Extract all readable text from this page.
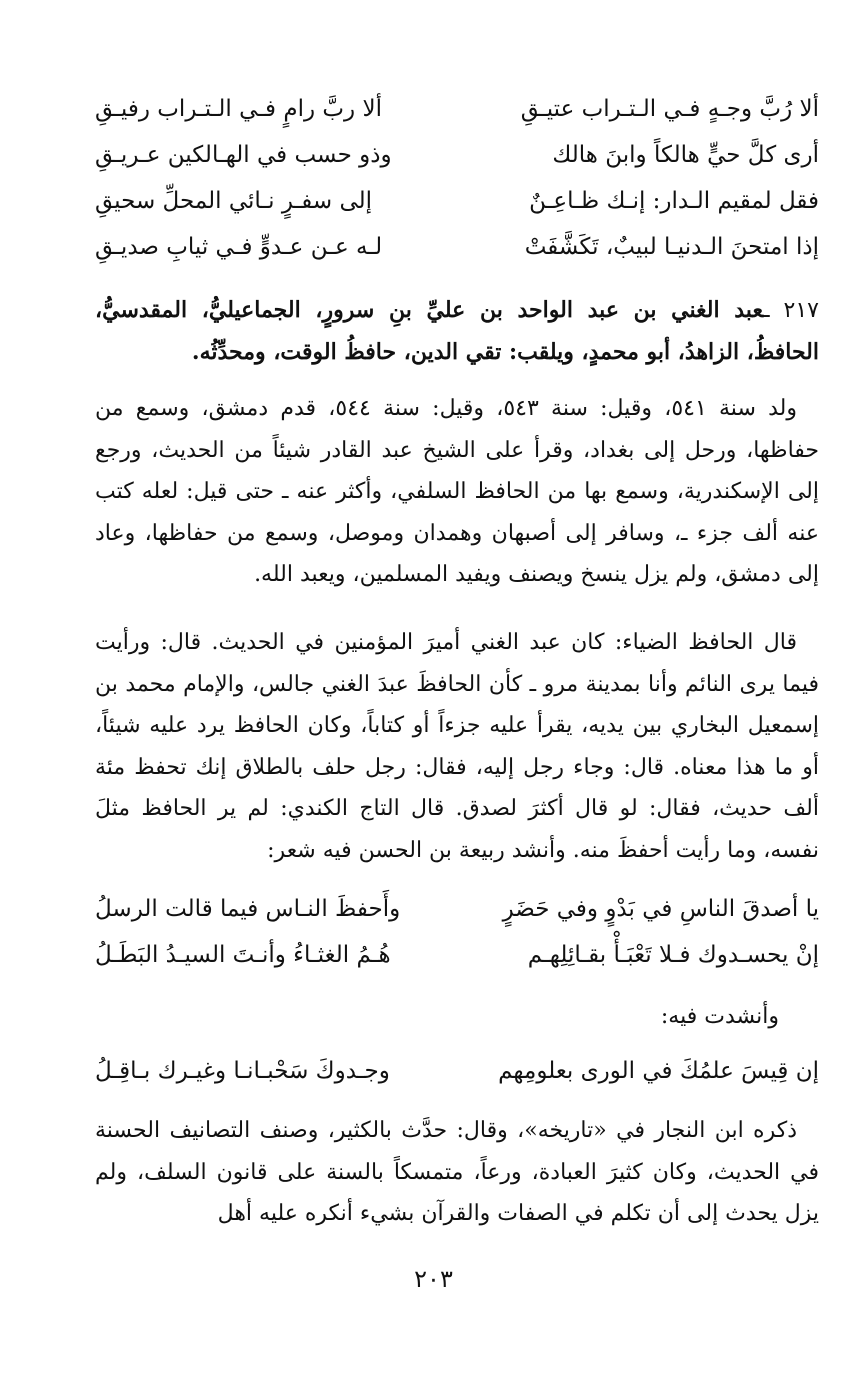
ألا رُبَّ وجـهٍ فـي الـتـراب عتيـقِ
ألا ربَّ رامٍ فـي الـتـراب رفيـقِ
أرى كلَّ حيٍّ هالكاً وابنَ هالك
وذو حسب في الهـالكين عـريـقِ
فقل لمقيم الـدار: إنـك ظـاعِـنٌ
إلى سفـرٍ نـائي المحلِّ سحيقِ
إذا امتحنَ الـدنيـا لبيبٌ، تَكَشَّفَتْ
لـه عـن عـدوٍّ فـي ثيابِ صديـقِ
٢١٧ ـعبد الغني بن عبد الواحد بن عليِّ بنِ سرورٍ، الجماعيليُّ، المقدسيُّ، الحافظُ، الزاهدُ، أبو محمدٍ، ويلقب: تقي الدين، حافظُ الوقت، ومحدِّثُه.
ولد سنة ٥٤١، وقيل: سنة ٥٤٣، وقيل: سنة ٥٤٤، قدم دمشق، وسمع من حفاظها، ورحل إلى بغداد، وقرأ على الشيخ عبد القادر شيئاً من الحديث، ورجع إلى الإسكندرية، وسمع بها من الحافظ السلفي، وأكثر عنه ـ حتى قيل: لعله كتب عنه ألف جزء ـ، وسافر إلى أصبهان وهمدان وموصل، وسمع من حفاظها، وعاد إلى دمشق، ولم يزل ينسخ ويصنف ويفيد المسلمين، ويعبد الله.
قال الحافظ الضياء: كان عبد الغني أميرَ المؤمنين في الحديث. قال: ورأيت فيما يرى النائم وأنا بمدينة مرو ـ كأن الحافظَ عبدَ الغني جالس، والإمام محمد بن إسمعيل البخاري بين يديه، يقرأ عليه جزءاً أو كتاباً، وكان الحافظ يرد عليه شيئاً، أو ما هذا معناه. قال: وجاء رجل إليه، فقال: رجل حلف بالطلاق إنك تحفظ مئة ألف حديث، فقال: لو قال أكثرَ لصدق. قال التاج الكندي: لم ير الحافظ مثلَ نفسه، وما رأيت أحفظَ منه. وأنشد ربيعة بن الحسن فيه شعر:
يا أصدقَ الناسِ في بَدْوٍ وفي حَضَرٍ
وأَحفظَ النـاس فيما قالت الرسلُ
إنْ يحسـدوك فـلا تَعْبَـأْ بقـائِلِهـم
هُـمُ الغثـاءُ وأنـتَ السيـدُ البَطَـلُ
وأنشدت فيه:
إن قِيسَ علمُكَ في الورى بعلومِهم
وجـدوكَ سَحْبـانـا وغيـرك بـاقِـلُ
ذكره ابن النجار في «تاريخه»، وقال: حدَّث بالكثير، وصنف التصانيف الحسنة في الحديث، وكان كثيرَ العبادة، ورعاً، متمسكاً بالسنة على قانون السلف، ولم يزل يحدث إلى أن تكلم في الصفات والقرآن بشيء أنكره عليه أهل
٢٠٣
